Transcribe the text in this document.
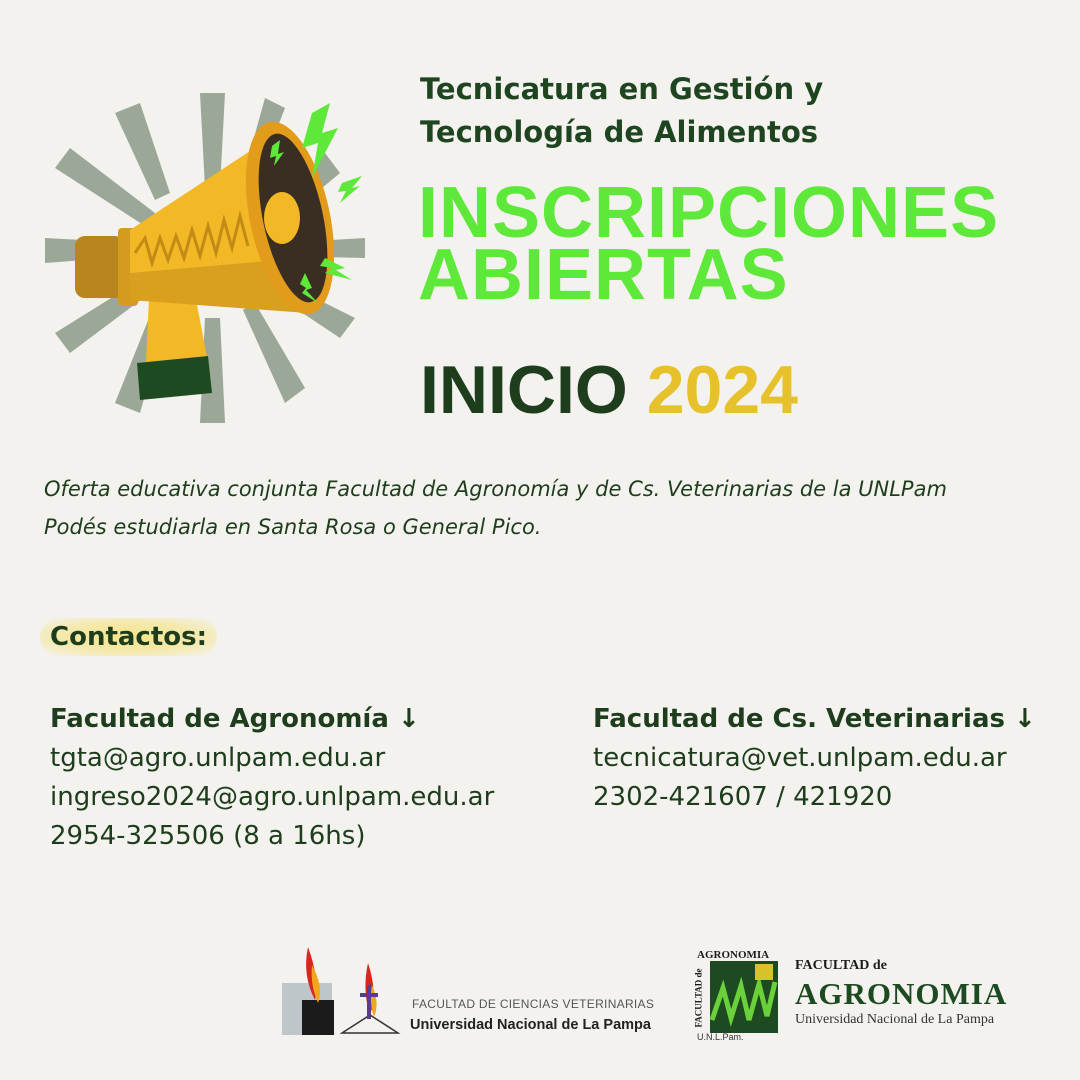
Tecnicatura en Gestión y
Tecnología de Alimentos
INSCRIPCIONES
ABIERTAS
INICIO 2024
Oferta educativa conjunta Facultad de Agronomía y de Cs. Veterinarias de la UNLPam
Podés estudiarla en Santa Rosa o General Pico.
Contactos:
Facultad de Agronomía ↓
tgta@agro.unlpam.edu.ar
ingreso2024@agro.unlpam.edu.ar
2954-325506 (8 a 16hs)
Facultad de Cs. Veterinarias ↓
tecnicatura@vet.unlpam.edu.ar
2302-421607 / 421920
FACULTAD DE CIENCIAS VETERINARIAS
Universidad Nacional de La Pampa
AGRONOMIA
FACULTAD de
U.N.L.Pam.
FACULTAD de
AGRONOMIA
Universidad Nacional de La Pampa
